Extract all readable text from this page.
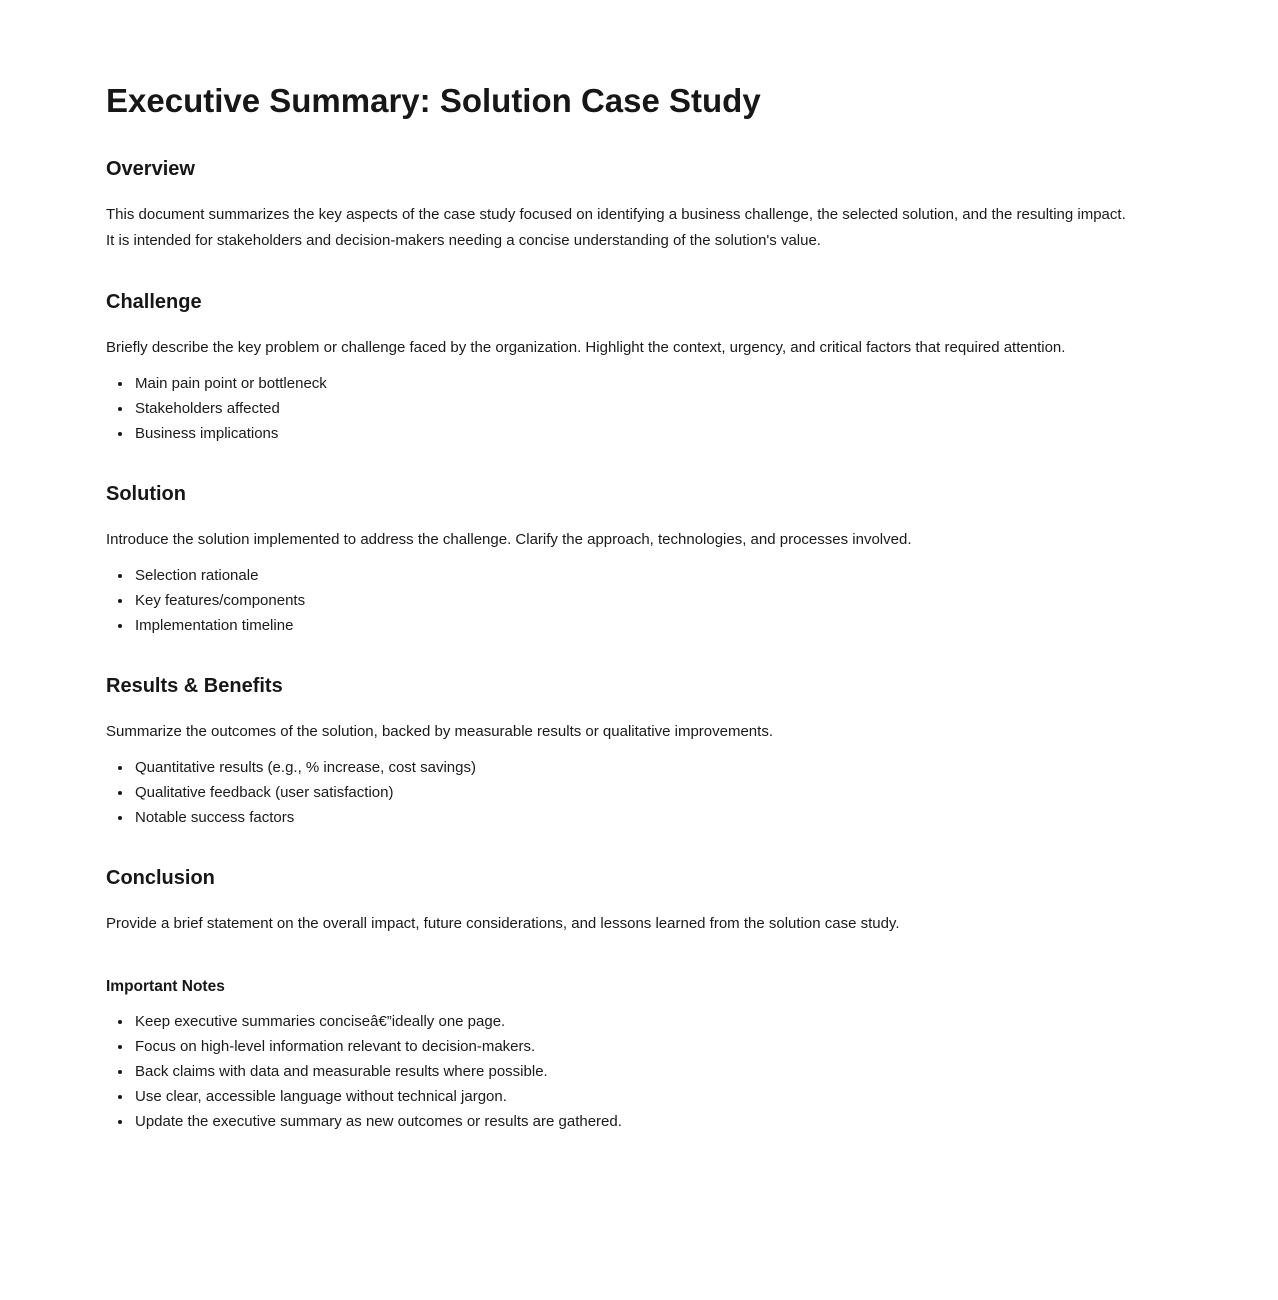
Executive Summary: Solution Case Study
Overview

This document summarizes the key aspects of the case study focused on identifying a business challenge, the selected solution, and the resulting impact. It is intended for stakeholders and decision-makers needing a concise understanding of the solution's value.

Challenge

Briefly describe the key problem or challenge faced by the organization. Highlight the context, urgency, and critical factors that required attention.

• Main pain point or bottleneck
• Stakeholders affected
• Business implications
Solution

Introduce the solution implemented to address the challenge. Clarify the approach, technologies, and processes involved.

• Selection rationale
• Key features/components
• Implementation timeline
Results & Benefits

Summarize the outcomes of the solution, backed by measurable results or qualitative improvements.

• Quantitative results (e.g., % increase, cost savings)
• Qualitative feedback (user satisfaction)
• Notable success factors
Conclusion

Provide a brief statement on the overall impact, future considerations, and lessons learned from the solution case study.

Important Notes
• Keep executive summaries conciseâ€”ideally one page.
• Focus on high-level information relevant to decision-makers.
• Back claims with data and measurable results where possible.
• Use clear, accessible language without technical jargon.
• Update the executive summary as new outcomes or results are gathered.
